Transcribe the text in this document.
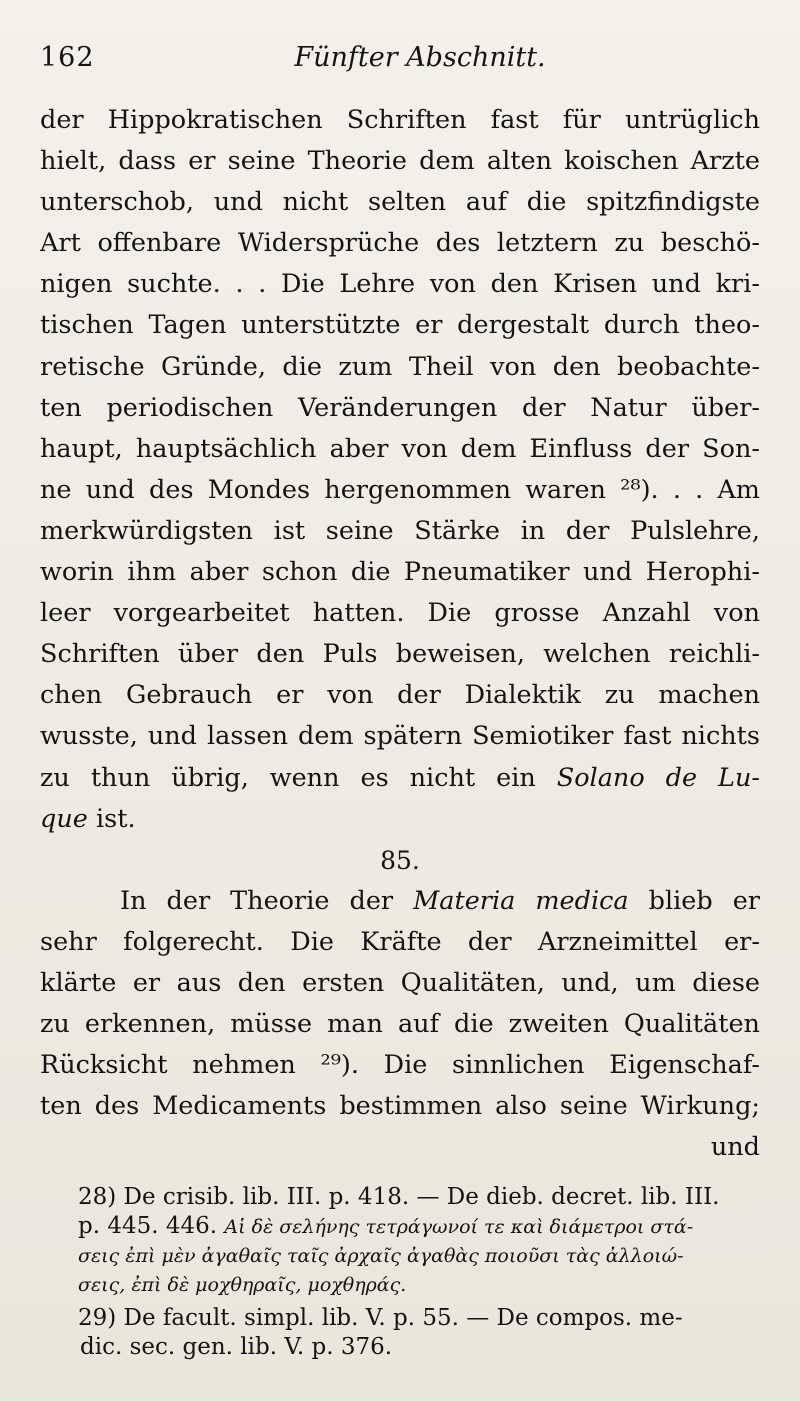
162	Fünfter Abschnitt.
der Hippokratischen Schriften fast für untrüglich
hielt, dass er seine Theorie dem alten koischen Arzte
unterschob, und nicht selten auf die spitzfindigste
Art offenbare Widersprüche des letztern zu beschö-
nigen suchte. . . Die Lehre von den Krisen und kri-
tischen Tagen unterstützte er dergestalt durch theo-
retische Gründe, die zum Theil von den beobachte-
ten periodischen Veränderungen der Natur über-
haupt, hauptsächlich aber von dem Einfluss der Son-
ne und des Mondes hergenommen waren ²⁸). . . Am
merkwürdigsten ist seine Stärke in der Pulslehre,
worin ihm aber schon die Pneumatiker und Herophi-
leer vorgearbeitet hatten. Die grosse Anzahl von
Schriften über den Puls beweisen, welchen reichli-
chen Gebrauch er von der Dialektik zu machen
wusste, und lassen dem spätern Semiotiker fast nichts
zu thun übrig, wenn es nicht ein Solano de Lu-
que ist.
85.
In der Theorie der Materia medica blieb er
sehr folgerecht. Die Kräfte der Arzneimittel er-
klärte er aus den ersten Qualitäten, und, um diese
zu erkennen, müsse man auf die zweiten Qualitäten
Rücksicht nehmen ²⁹). Die sinnlichen Eigenschaf-
ten des Medicaments bestimmen also seine Wirkung;
und
28) De crisib. lib. III. p. 418. — De dieb. decret. lib. III.
p. 445. 446. Αἱ δὲ σελήνης τετράγωνοί τε καὶ διάμετροι στά-
σεις ἐπὶ μὲν ἀγαθαῖς ταῖς ἀρχαῖς ἀγαθὰς ποιοῦσι τὰς ἀλλοιώ-
σεις, ἐπὶ δὲ μοχθηραῖς, μοχθηράς.
29) De facult. simpl. lib. V. p. 55. — De compos. me-
dic. sec. gen. lib. V. p. 376.
